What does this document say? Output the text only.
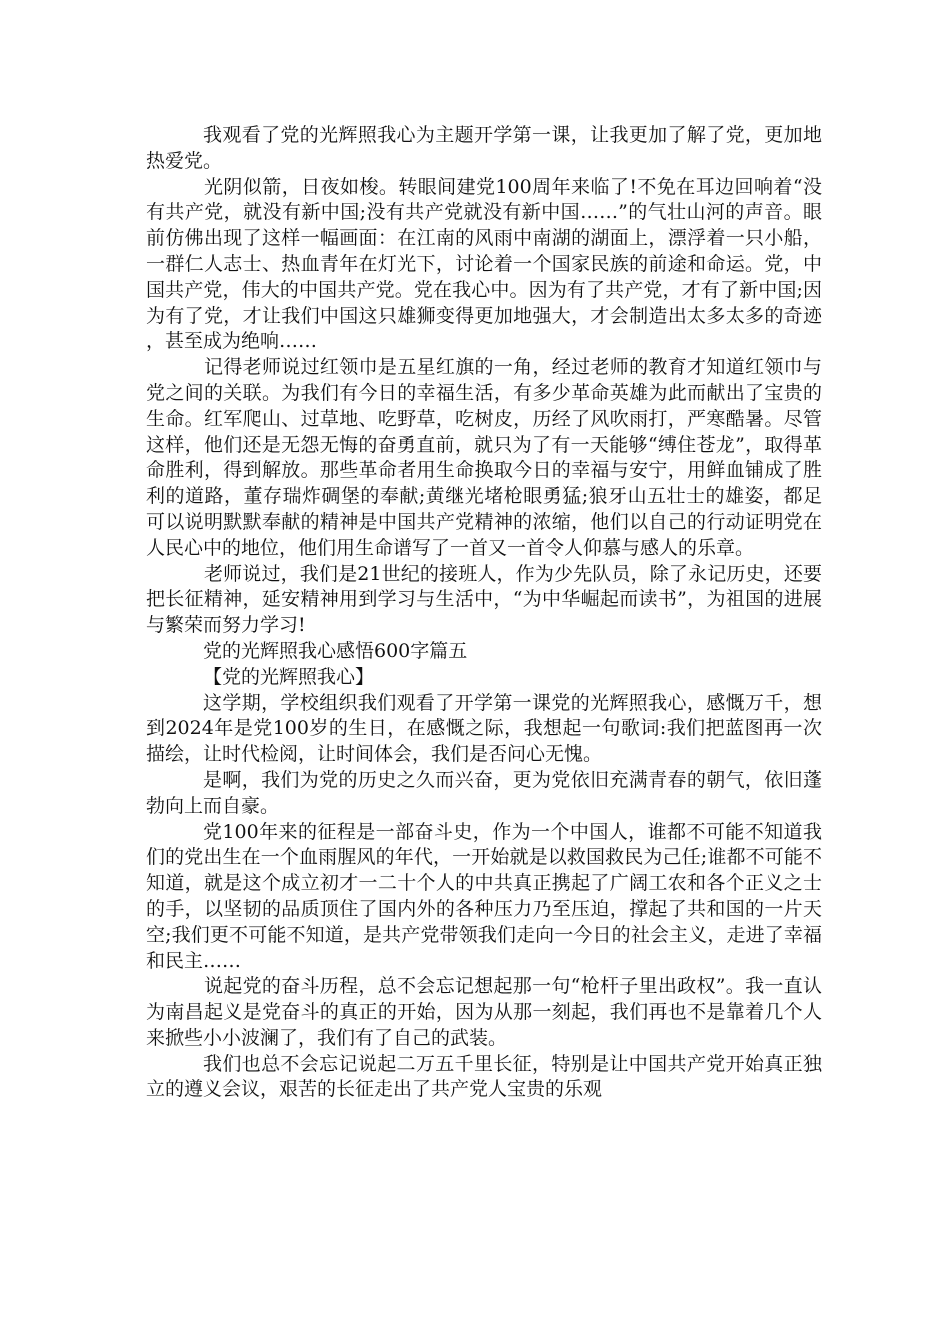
我观看了党的光辉照我心为主题开学第一课，让我更加了解了党，更加地热爱党。

光阴似箭，日夜如梭。转眼间建党100周年来临了!不免在耳边回响着“没有共产党，就没有新中国;没有共产党就没有新中国……”的气壮山河的声音。眼前仿佛出现了这样一幅画面：在江南的风雨中南湖的湖面上，漂浮着一只小船，一群仁人志士、热血青年在灯光下，讨论着一个国家民族的前途和命运。党，中国共产党，伟大的中国共产党。党在我心中。因为有了共产党，才有了新中国;因为有了党，才让我们中国这只雄狮变得更加地强大，才会制造出太多太多的奇迹，甚至成为绝响……

记得老师说过红领巾是五星红旗的一角，经过老师的教育才知道红领巾与党之间的关联。为我们有今日的幸福生活，有多少革命英雄为此而献出了宝贵的生命。红军爬山、过草地、吃野草，吃树皮，历经了风吹雨打，严寒酷暑。尽管这样，他们还是无怨无悔的奋勇直前，就只为了有一天能够“缚住苍龙”，取得革命胜利，得到解放。那些革命者用生命换取今日的幸福与安宁，用鲜血铺成了胜利的道路，董存瑞炸碉堡的奉献;黄继光堵枪眼勇猛;狼牙山五壮士的雄姿，都足可以说明默默奉献的精神是中国共产党精神的浓缩，他们以自己的行动证明党在人民心中的地位，他们用生命谱写了一首又一首令人仰慕与感人的乐章。

老师说过，我们是21世纪的接班人，作为少先队员，除了永记历史，还要把长征精神，延安精神用到学习与生活中，“为中华崛起而读书”，为祖国的进展与繁荣而努力学习!

党的光辉照我心感悟600字篇五

【党的光辉照我心】

这学期，学校组织我们观看了开学第一课党的光辉照我心，感慨万千，想到2024年是党100岁的生日，在感慨之际，我想起一句歌词:我们把蓝图再一次描绘，让时代检阅，让时间体会，我们是否问心无愧。

是啊，我们为党的历史之久而兴奋，更为党依旧充满青春的朝气，依旧蓬勃向上而自豪。

党100年来的征程是一部奋斗史，作为一个中国人，谁都不可能不知道我们的党出生在一个血雨腥风的年代，一开始就是以救国救民为己任;谁都不可能不知道，就是这个成立初才一二十个人的中共真正携起了广阔工农和各个正义之士的手，以坚韧的品质顶住了国内外的各种压力乃至压迫，撑起了共和国的一片天空;我们更不可能不知道，是共产党带领我们走向一今日的社会主义，走进了幸福和民主……

说起党的奋斗历程，总不会忘记想起那一句“枪杆子里出政权”。我一直认为南昌起义是党奋斗的真正的开始，因为从那一刻起，我们再也不是靠着几个人来掀些小小波澜了，我们有了自己的武装。

我们也总不会忘记说起二万五千里长征，特别是让中国共产党开始真正独立的遵义会议，艰苦的长征走出了共产党人宝贵的乐观
